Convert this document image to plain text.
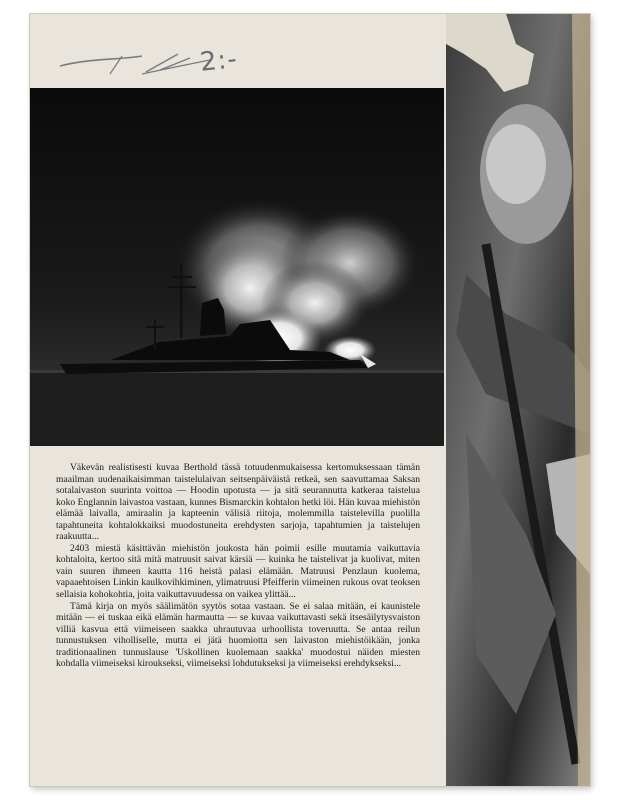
2:-

Väkevän realistisesti kuvaa Berthold tässä totuudenmukaisessa kertomuksessaan tämän maailman uudenaikaisimman taistelulaivan seitsenpäiväistä retkeä, sen saavuttamaa Saksan sotalaivaston suurinta voittoa — Hoodin upotusta — ja sitä seurannutta katkeraa taistelua koko Englannin laivastoa vastaan, kunnes Bismarckin kohtalon hetki löi. Hän kuvaa miehistön elämää laivalla, amiraalin ja kapteenin välisiä riitoja, molemmilla taistelevilla puolilla tapahtuneita kohtalokkaiksi muodostuneita erehdysten sarjoja, tapahtumien ja taistelujen raakuutta...

2403 miestä käsittävän miehistön joukosta hän poimii esille muutamia vaikuttavia kohtaloita, kertoo sitä mitä matruusit saivat kärsiä — kuinka he taistelivat ja kuolivat, miten vain suuren ihmeen kautta 116 heistä palasi elämään. Matruusi Penzlaun kuolema, vapaaehtoisen Linkin kaulkovihkiminen, ylimatruusi Pfeifferin viimeinen rukous ovat teoksen sellaisia kohokohtia, joita vaikuttavuudessa on vaikea ylittää...

Tämä kirja on myös säälimätön syytös sotaa vastaan. Se ei salaa mitään, ei kaunistele mitään — ei tuskaa eikä elämän harmautta — se kuvaa vaikuttavasti sekä itsesäilytysvaiston villiä kasvua että viimeiseen saakka uhrautuvaa urhoollista toveruutta. Se antaa reilun tunnustuksen viholliselle, mutta ei jätä huomiotta sen laivaston miehistöikään, jonka traditionaalinen tunnuslause 'Uskollinen kuolemaan saakka' muodostui näiden miesten kohdalla viimeiseksi kiroukseksi, viimeiseksi lohdutukseksi ja viimeiseksi erehdykseksi...
